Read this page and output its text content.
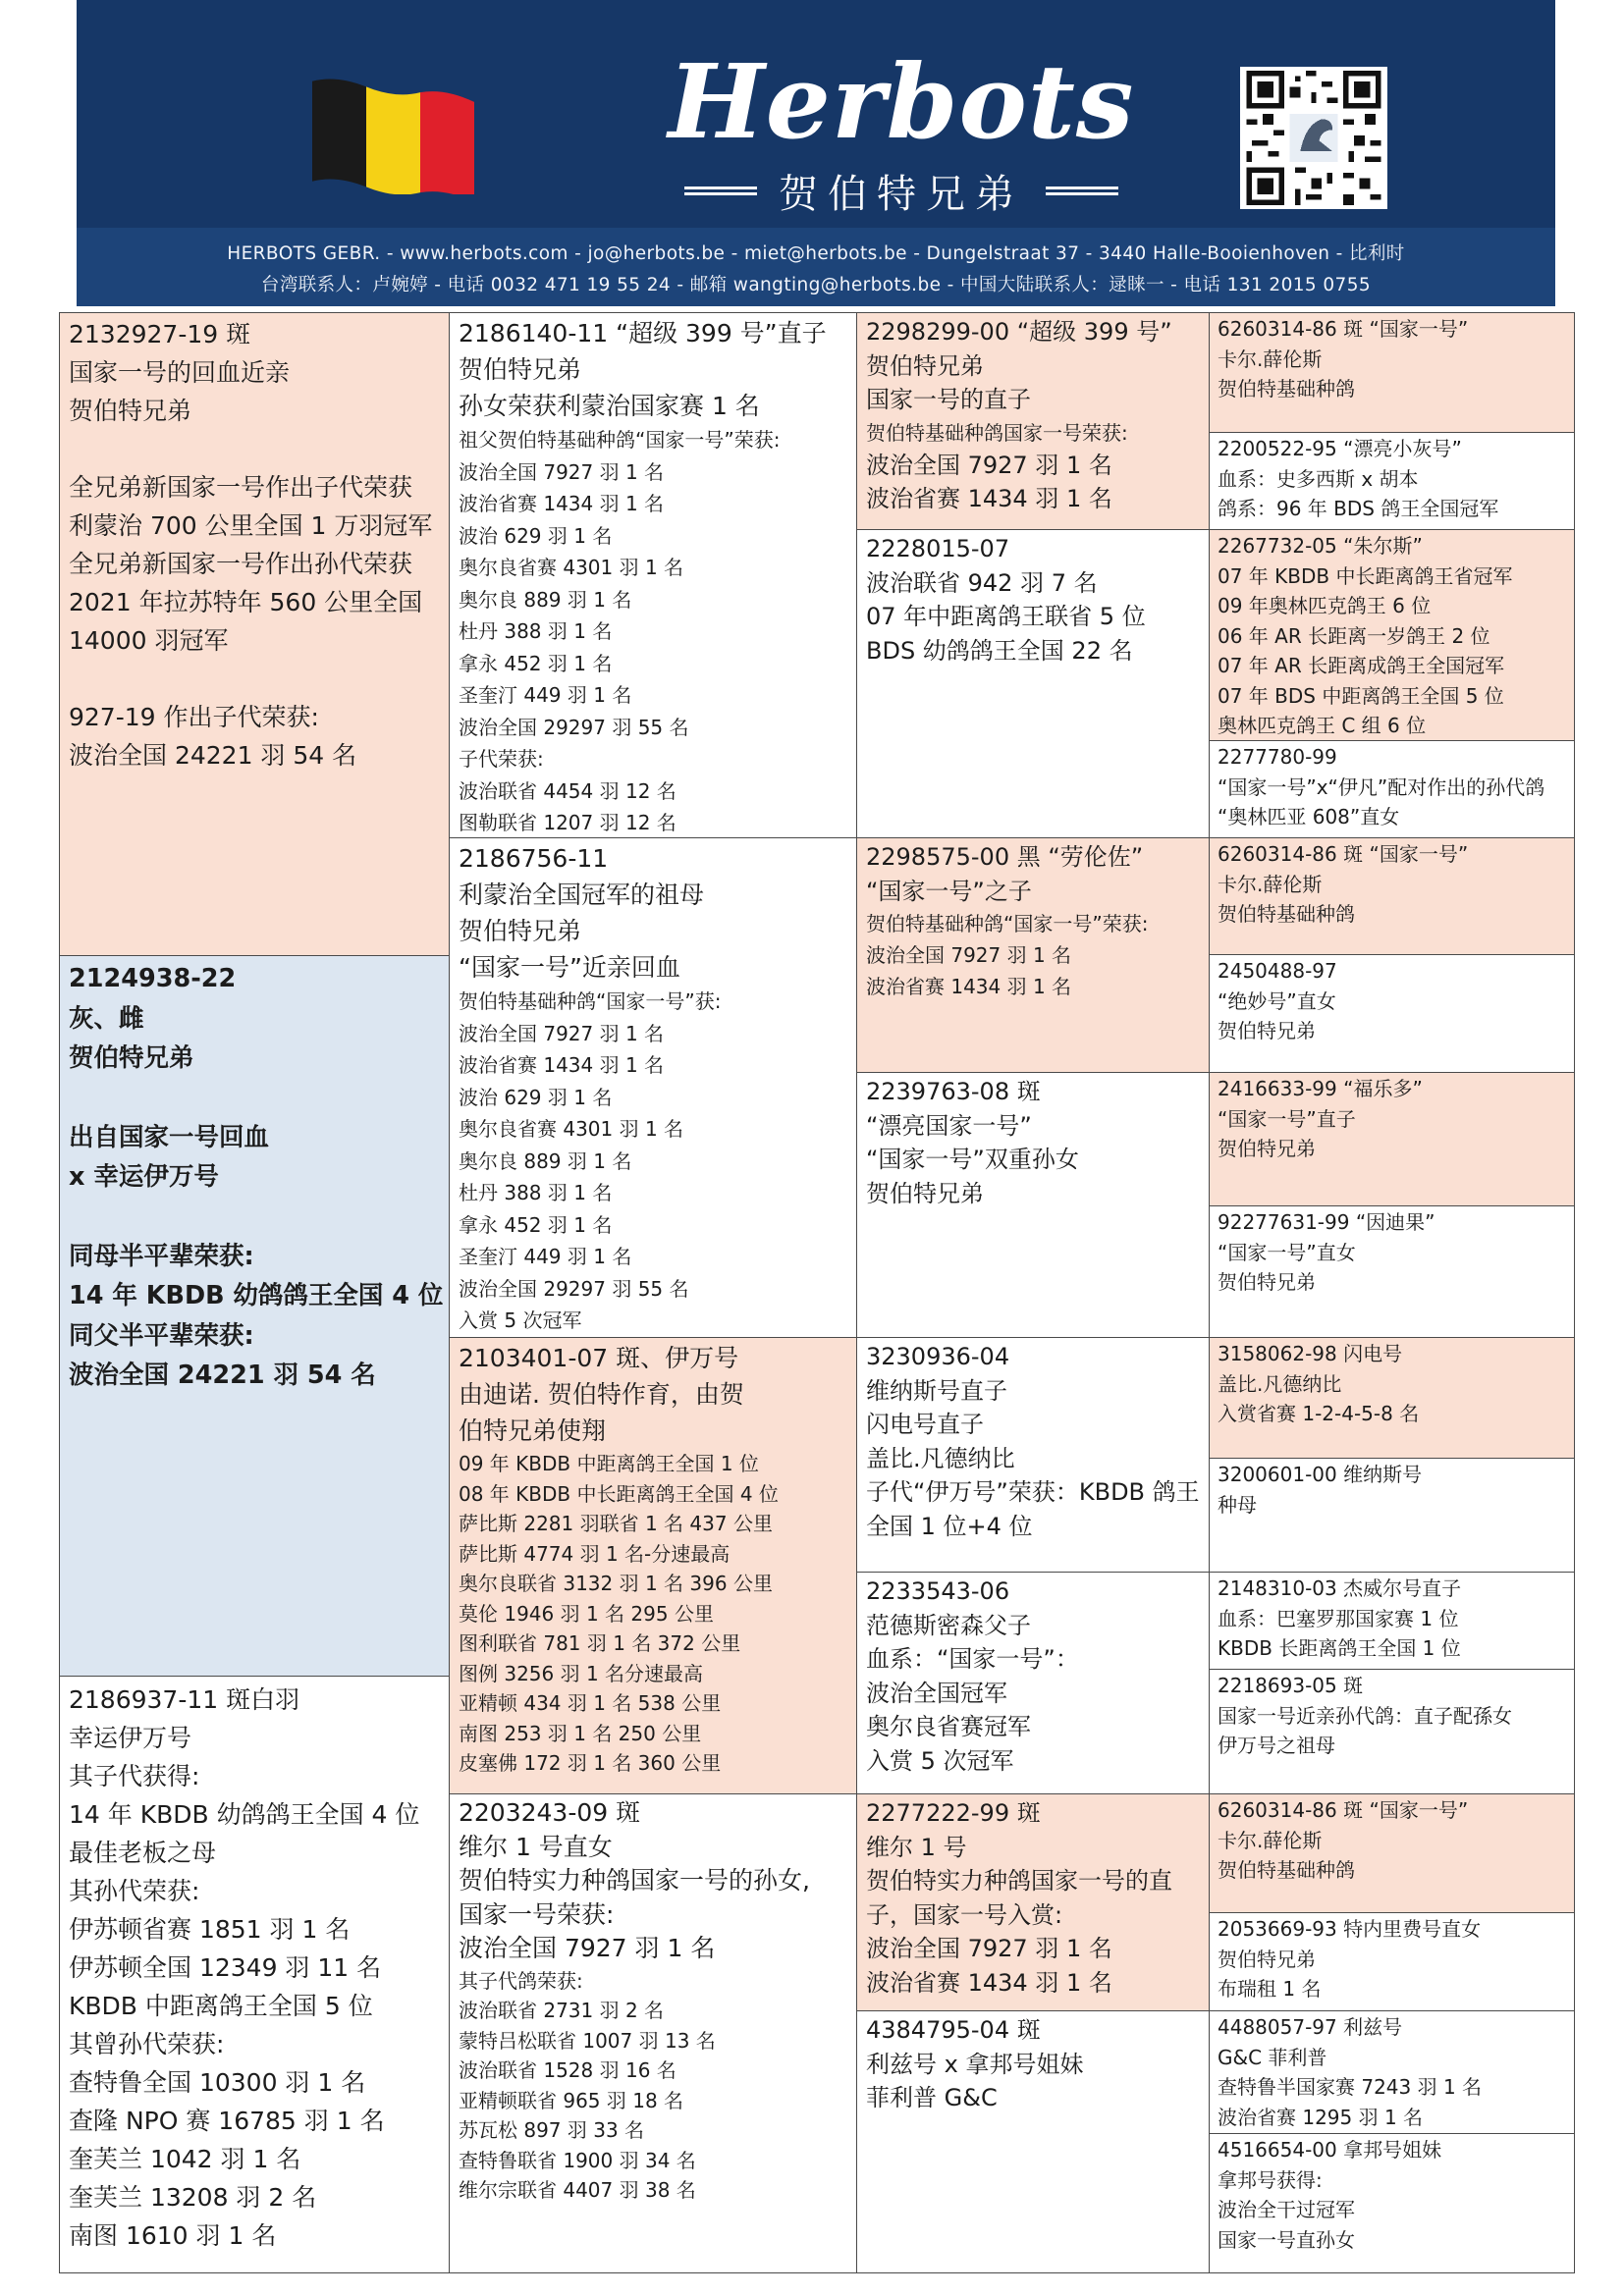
Herbots
贺伯特兄弟
HERBOTS GEBR. - www.herbots.com - jo@herbots.be - miet@herbots.be - Dungelstraat 37 - 3440 Halle-Booienhoven - 比利时
台湾联系人：卢婉婷 - 电话 0032 471 19 55 24 - 邮箱 wangting@herbots.be - 中国大陆联系人：逯睐一 - 电话 131 2015 0755

2132927-19 斑

国家一号的回血近亲

贺伯特兄弟

全兄弟新国家一号作出子代荣获

利蒙治 700 公里全国 1 万羽冠军

全兄弟新国家一号作出孙代荣获

2021 年拉苏特年 560 公里全国

14000 羽冠军

927-19 作出子代荣获:

波治全国 24221 羽 54 名

2124938-22

灰、雌

贺伯特兄弟

出自国家一号回血

x 幸运伊万号

同母半平辈荣获:

14 年 KBDB 幼鸽鸽王全国 4 位

同父半平辈荣获:

波治全国 24221 羽 54 名

2186937-11 斑白羽

幸运伊万号

其子代获得:

14 年 KBDB 幼鸽鸽王全国 4 位

最佳老板之母

其孙代荣获:

伊苏顿省赛 1851 羽 1 名

伊苏顿全国 12349 羽 11 名

KBDB 中距离鸽王全国 5 位

其曾孙代荣获:

查特鲁全国 10300 羽 1 名

查隆 NPO 赛 16785 羽 1 名

奎芙兰 1042 羽 1 名

奎芙兰 13208 羽 2 名

南图 1610 羽 1 名

2186140-11 “超级 399 号”直子

贺伯特兄弟

孙女荣获利蒙治国家赛 1 名

祖父贺伯特基础种鸽“国家一号”荣获:

波治全国 7927 羽 1 名

波治省赛 1434 羽 1 名

波治 629 羽 1 名

奥尔良省赛 4301 羽 1 名

奥尔良 889 羽 1 名

杜丹 388 羽 1 名

拿永 452 羽 1 名

圣奎汀 449 羽 1 名

波治全国 29297 羽 55 名

子代荣获:

波治联省 4454 羽 12 名

图勒联省 1207 羽 12 名

2186756-11

利蒙治全国冠军的祖母

贺伯特兄弟

“国家一号”近亲回血

贺伯特基础种鸽“国家一号”获:

波治全国 7927 羽 1 名

波治省赛 1434 羽 1 名

波治 629 羽 1 名

奥尔良省赛 4301 羽 1 名

奥尔良 889 羽 1 名

杜丹 388 羽 1 名

拿永 452 羽 1 名

圣奎汀 449 羽 1 名

波治全国 29297 羽 55 名

入赏 5 次冠军

2103401-07 斑、伊万号

由迪诺. 贺伯特作育，由贺

伯特兄弟使翔

09 年 KBDB 中距离鸽王全国 1 位

08 年 KBDB 中长距离鸽王全国 4 位

萨比斯 2281 羽联省 1 名 437 公里

萨比斯 4774 羽 1 名-分速最高

奥尔良联省 3132 羽 1 名 396 公里

莫伦 1946 羽 1 名 295 公里

图利联省 781 羽 1 名 372 公里

图例 3256 羽 1 名分速最高

亚精顿 434 羽 1 名 538 公里

南图 253 羽 1 名 250 公里

皮塞佛 172 羽 1 名 360 公里

2203243-09 斑

维尔 1 号直女

贺伯特实力种鸽国家一号的孙女,

国家一号荣获:

波治全国 7927 羽 1 名

其子代鸽荣获:

波治联省 2731 羽 2 名

蒙特吕松联省 1007 羽 13 名

波治联省 1528 羽 16 名

亚精顿联省 965 羽 18 名

苏瓦松 897 羽 33 名

查特鲁联省 1900 羽 34 名

维尔宗联省 4407 羽 38 名

2298299-00 “超级 399 号”

贺伯特兄弟

国家一号的直子

贺伯特基础种鸽国家一号荣获:

波治全国 7927 羽 1 名

波治省赛 1434 羽 1 名

2228015-07

波治联省 942 羽 7 名

07 年中距离鸽王联省 5 位

BDS 幼鸽鸽王全国 22 名

2298575-00 黑 “劳伦佐”

“国家一号”之子

贺伯特基础种鸽“国家一号”荣获:

波治全国 7927 羽 1 名

波治省赛 1434 羽 1 名

2239763-08 斑

“漂亮国家一号”

“国家一号”双重孙女

贺伯特兄弟

3230936-04

维纳斯号直子

闪电号直子

盖比.凡德纳比

子代“伊万号”荣获：KBDB 鸽王

全国 1 位+4 位

2233543-06

范德斯密森父子

血系：“国家一号”：

波治全国冠军

奥尔良省赛冠军

入赏 5 次冠军

2277222-99 斑

维尔 1 号

贺伯特实力种鸽国家一号的直

子，国家一号入赏:

波治全国 7927 羽 1 名

波治省赛 1434 羽 1 名

4384795-04 斑

利兹号 x 拿邦号姐妹

菲利普 G&C

6260314-86 斑 “国家一号”

卡尔.薛伦斯

贺伯特基础种鸽

2200522-95 “漂亮小灰号”

血系：史多西斯 x 胡本

鸽系：96 年 BDS 鸽王全国冠军

2267732-05 “朱尔斯”

07 年 KBDB 中长距离鸽王省冠军

09 年奥林匹克鸽王 6 位

06 年 AR 长距离一岁鸽王 2 位

07 年 AR 长距离成鸽王全国冠军

07 年 BDS 中距离鸽王全国 5 位

奥林匹克鸽王 C 组 6 位

2277780-99

“国家一号”x“伊凡”配对作出的孙代鸽

“奥林匹亚 608”直女

6260314-86 斑 “国家一号”

卡尔.薛伦斯

贺伯特基础种鸽

2450488-97

“绝妙号”直女

贺伯特兄弟

2416633-99 “福乐多”

“国家一号”直子

贺伯特兄弟

92277631-99 “因迪果”

“国家一号”直女

贺伯特兄弟

3158062-98 闪电号

盖比.凡德纳比

入赏省赛 1-2-4-5-8 名

3200601-00 维纳斯号

种母

2148310-03 杰威尔号直子

血系：巴塞罗那国家赛 1 位

KBDB 长距离鸽王全国 1 位

2218693-05 斑

国家一号近亲孙代鸽：直子配孫女

伊万号之祖母

6260314-86 斑 “国家一号”

卡尔.薛伦斯

贺伯特基础种鸽

2053669-93 特内里费号直女

贺伯特兄弟

布瑞租 1 名

4488057-97 利兹号

G&C 菲利普

查特鲁半国家赛 7243 羽 1 名

波治省赛 1295 羽 1 名

4516654-00 拿邦号姐妹

拿邦号获得:

波治全干过冠军

国家一号直孙女
